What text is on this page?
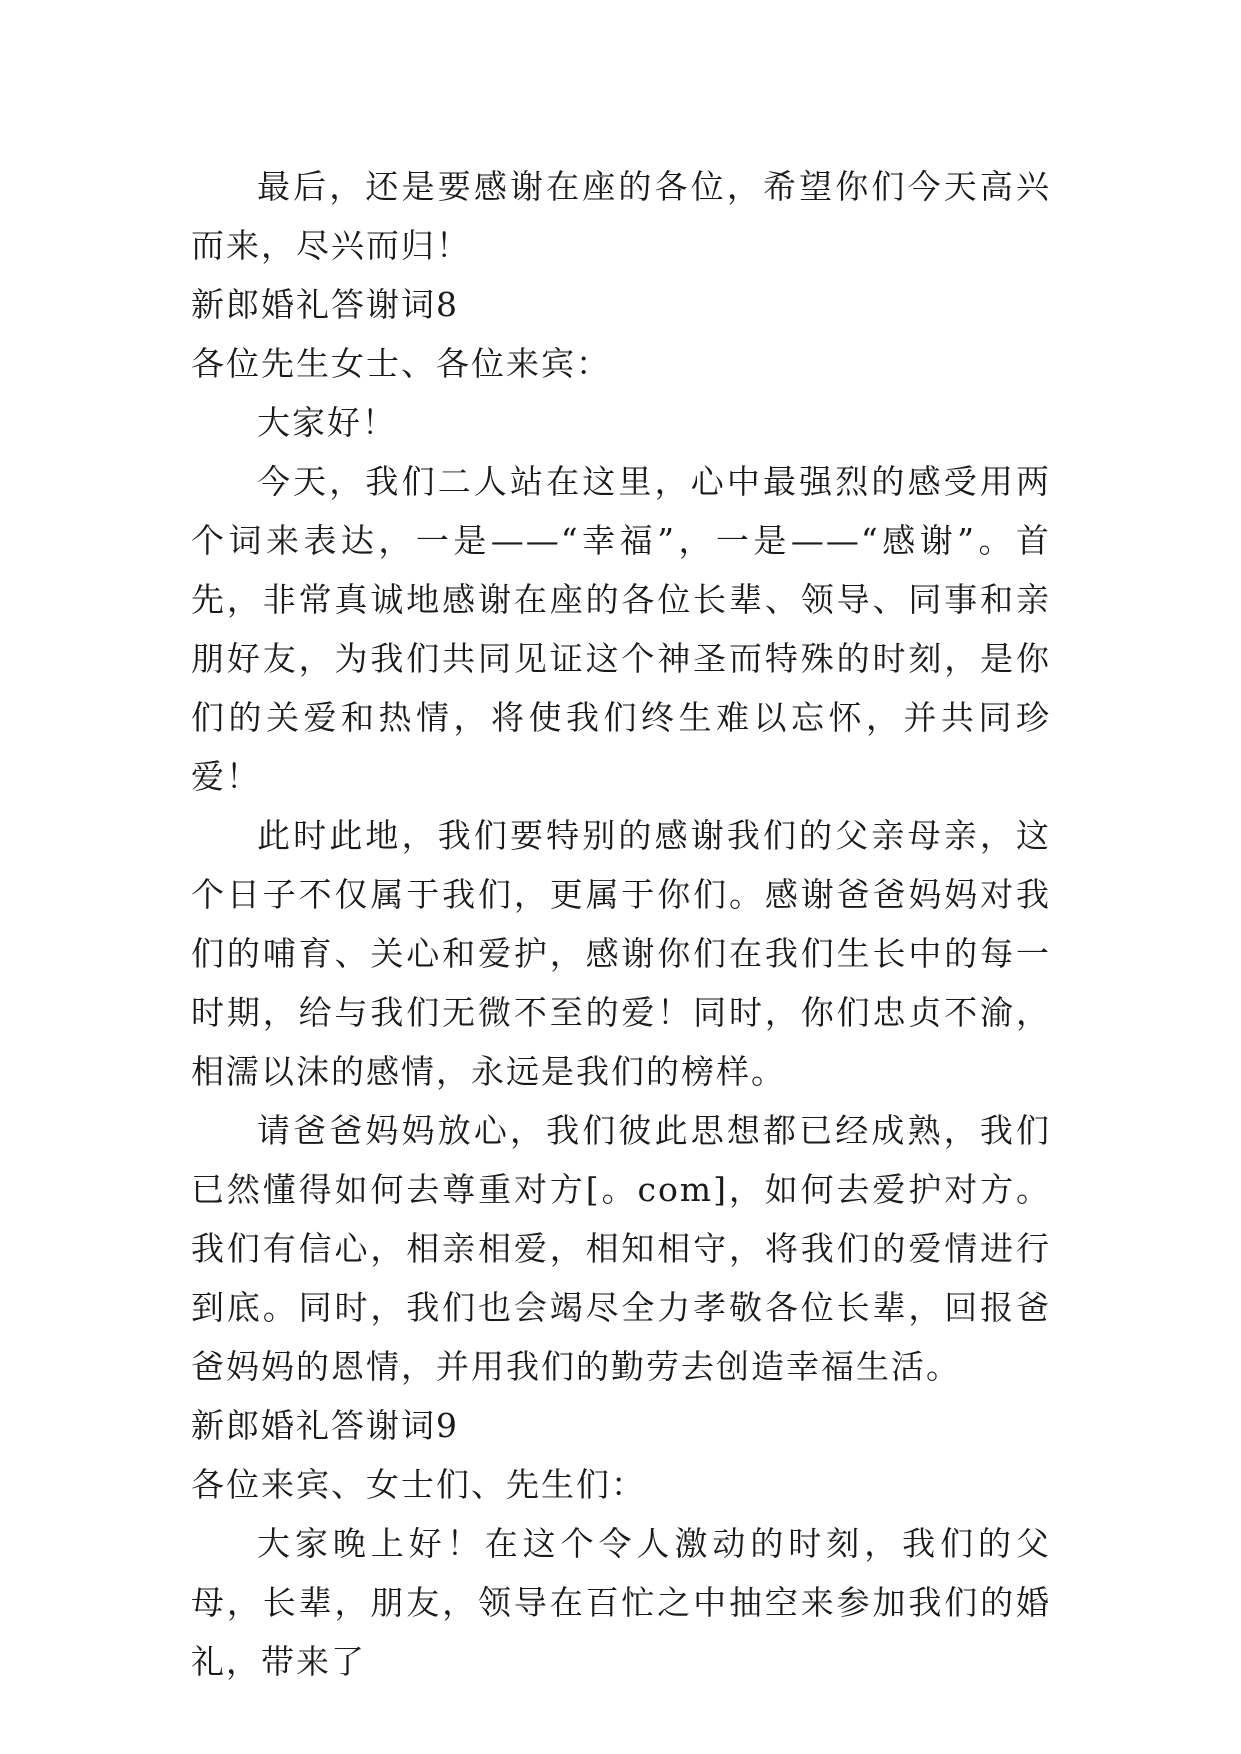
最后，还是要感谢在座的各位，希望你们今天高兴而来，尽兴而归！

新郎婚礼答谢词8

各位先生女士、各位来宾：

大家好！

今天，我们二人站在这里，心中最强烈的感受用两个词来表达，一是——“幸福”，一是——“感谢”。首先，非常真诚地感谢在座的各位长辈、领导、同事和亲朋好友，为我们共同见证这个神圣而特殊的时刻，是你们的关爱和热情，将使我们终生难以忘怀，并共同珍爱！

此时此地，我们要特别的感谢我们的父亲母亲，这个日子不仅属于我们，更属于你们。感谢爸爸妈妈对我们的哺育、关心和爱护，感谢你们在我们生长中的每一时期，给与我们无微不至的爱！同时，你们忠贞不渝，相濡以沫的感情，永远是我们的榜样。

请爸爸妈妈放心，我们彼此思想都已经成熟，我们已然懂得如何去尊重对方[。com]，如何去爱护对方。我们有信心，相亲相爱，相知相守，将我们的爱情进行到底。同时，我们也会竭尽全力孝敬各位长辈，回报爸爸妈妈的恩情，并用我们的勤劳去创造幸福生活。

新郎婚礼答谢词9

各位来宾、女士们、先生们：

大家晚上好！在这个令人激动的时刻，我们的父母，长辈，朋友，领导在百忙之中抽空来参加我们的婚礼，带来了
